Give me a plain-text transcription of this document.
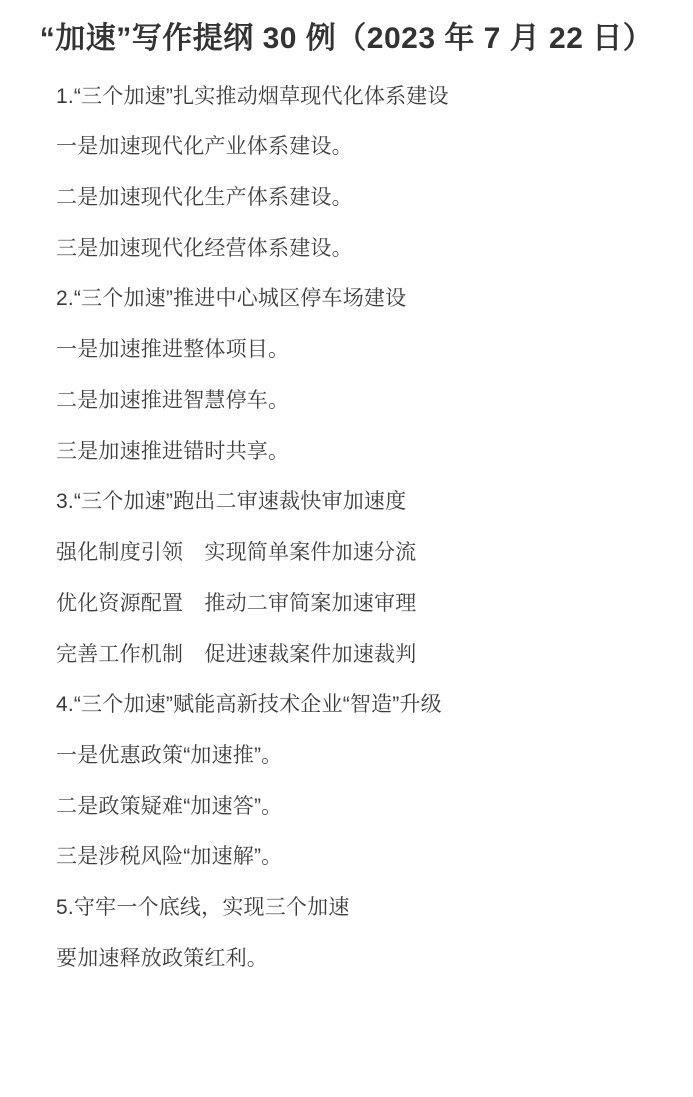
“加速”写作提纲 30 例（2023 年 7 月 22 日）

1.“三个加速”扎实推动烟草现代化体系建设

一是加速现代化产业体系建设。

二是加速现代化生产体系建设。

三是加速现代化经营体系建设。

2.“三个加速”推进中心城区停车场建设

一是加速推进整体项目。

二是加速推进智慧停车。

三是加速推进错时共享。

3.“三个加速”跑出二审速裁快审加速度

强化制度引领　实现简单案件加速分流

优化资源配置　推动二审简案加速审理

完善工作机制　促进速裁案件加速裁判

4.“三个加速”赋能高新技术企业“智造”升级

一是优惠政策“加速推”。

二是政策疑难“加速答”。

三是涉税风险“加速解”。

5.守牢一个底线，实现三个加速

要加速释放政策红利。
